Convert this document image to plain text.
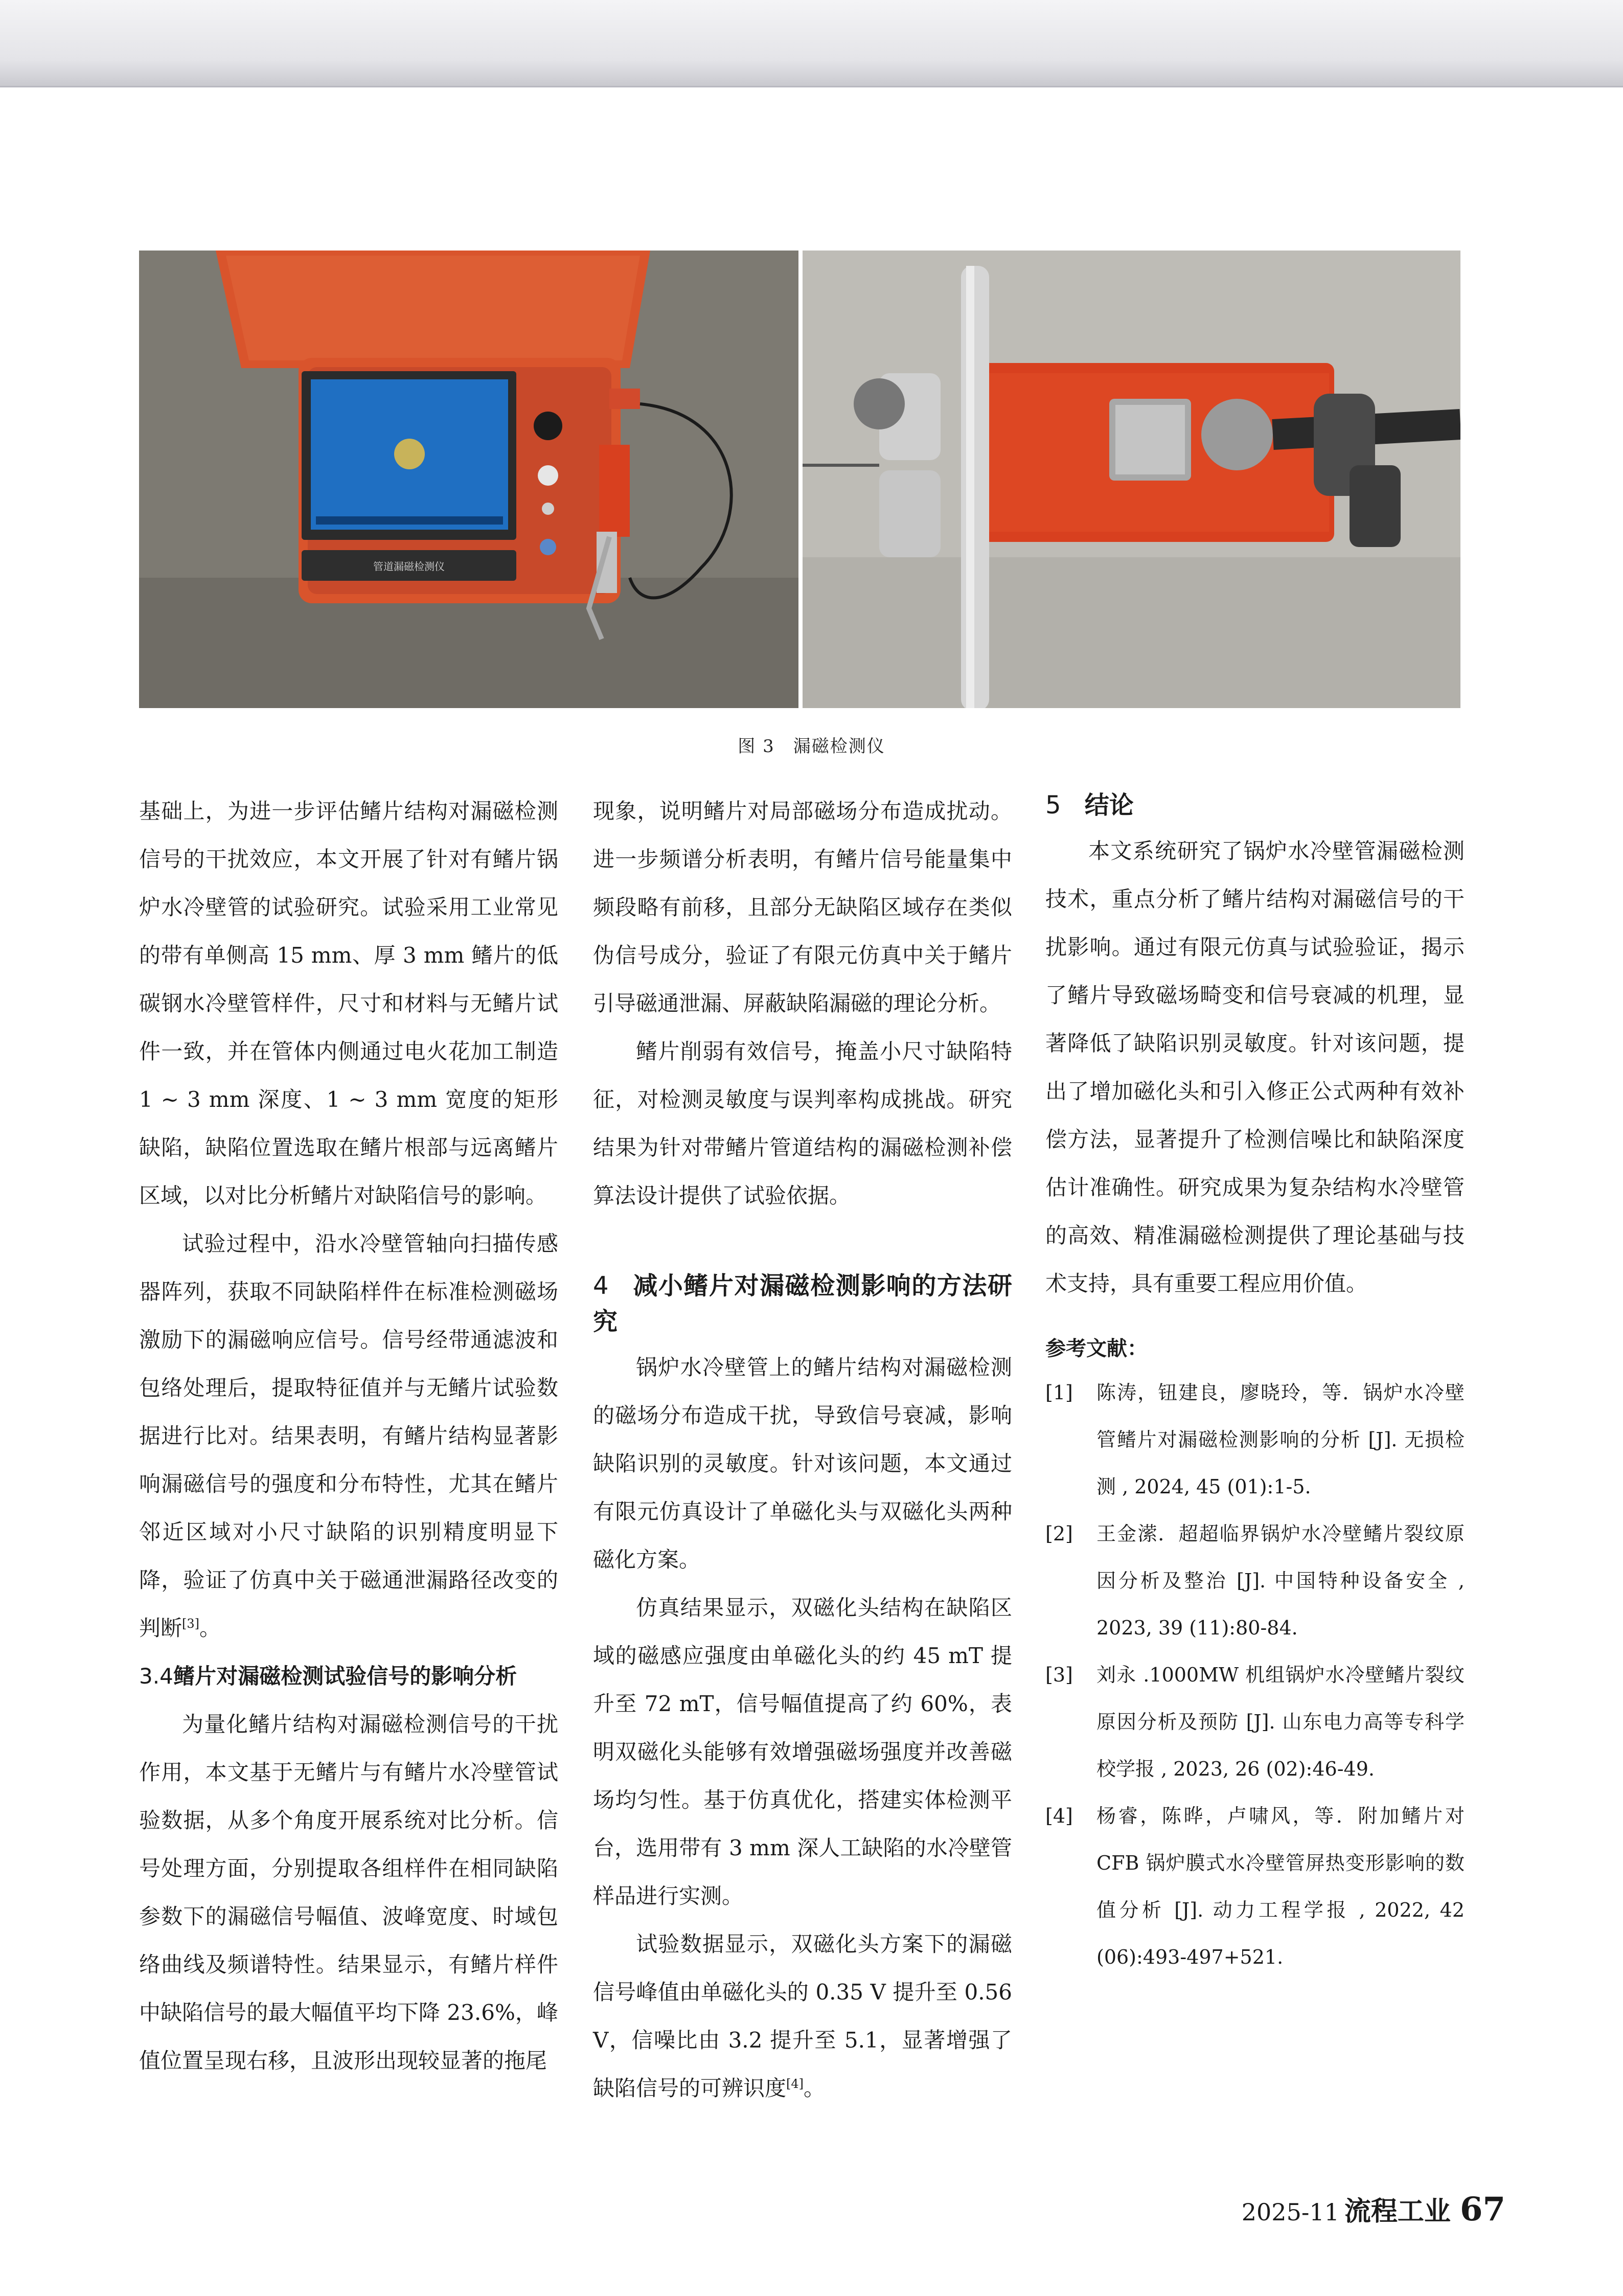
管道漏磁检测仪
图 3　漏磁检测仪

基础上，为进一步评估鳍片结构对漏磁检测信号的干扰效应，本文开展了针对有鳍片锅炉水冷壁管的试验研究。试验采用工业常见的带有单侧高 15 mm、厚 3 mm 鳍片的低碳钢水冷壁管样件，尺寸和材料与无鳍片试件一致，并在管体内侧通过电火花加工制造 1 ~ 3 mm 深度、1 ~ 3 mm 宽度的矩形缺陷，缺陷位置选取在鳍片根部与远离鳍片区域，以对比分析鳍片对缺陷信号的影响。

试验过程中，沿水冷壁管轴向扫描传感器阵列，获取不同缺陷样件在标准检测磁场激励下的漏磁响应信号。信号经带通滤波和包络处理后，提取特征值并与无鳍片试验数据进行比对。结果表明，有鳍片结构显著影响漏磁信号的强度和分布特性，尤其在鳍片邻近区域对小尺寸缺陷的识别精度明显下降，验证了仿真中关于磁通泄漏路径改变的判断[3]。

3.4鳍片对漏磁检测试验信号的影响分析

为量化鳍片结构对漏磁检测信号的干扰作用，本文基于无鳍片与有鳍片水冷壁管试验数据，从多个角度开展系统对比分析。信号处理方面，分别提取各组样件在相同缺陷参数下的漏磁信号幅值、波峰宽度、时域包络曲线及频谱特性。结果显示，有鳍片样件中缺陷信号的最大幅值平均下降 23.6%，峰值位置呈现右移，且波形出现较显著的拖尾

现象，说明鳍片对局部磁场分布造成扰动。进一步频谱分析表明，有鳍片信号能量集中频段略有前移，且部分无缺陷区域存在类似伪信号成分，验证了有限元仿真中关于鳍片引导磁通泄漏、屏蔽缺陷漏磁的理论分析。

鳍片削弱有效信号，掩盖小尺寸缺陷特征，对检测灵敏度与误判率构成挑战。研究结果为针对带鳍片管道结构的漏磁检测补偿算法设计提供了试验依据。

4 减小鳍片对漏磁检测影响的方法研究

锅炉水冷壁管上的鳍片结构对漏磁检测的磁场分布造成干扰，导致信号衰减，影响缺陷识别的灵敏度。针对该问题，本文通过有限元仿真设计了单磁化头与双磁化头两种磁化方案。

仿真结果显示，双磁化头结构在缺陷区域的磁感应强度由单磁化头的约 45 mT 提升至 72 mT，信号幅值提高了约 60%，表明双磁化头能够有效增强磁场强度并改善磁场均匀性。基于仿真优化，搭建实体检测平台，选用带有 3 mm 深人工缺陷的水冷壁管样品进行实测。

试验数据显示，双磁化头方案下的漏磁信号峰值由单磁化头的 0.35 V 提升至 0.56 V，信噪比由 3.2 提升至 5.1，显著增强了缺陷信号的可辨识度[4]。

5 结论

本文系统研究了锅炉水冷壁管漏磁检测技术，重点分析了鳍片结构对漏磁信号的干扰影响。通过有限元仿真与试验验证，揭示了鳍片导致磁场畸变和信号衰减的机理，显著降低了缺陷识别灵敏度。针对该问题，提出了增加磁化头和引入修正公式两种有效补偿方法，显著提升了检测信噪比和缺陷深度估计准确性。研究成果为复杂结构水冷壁管的高效、精准漏磁检测提供了理论基础与技术支持，具有重要工程应用价值。

参考文献：
[1] 陈涛，钮建良，廖晓玲，等．锅炉水冷壁管鳍片对漏磁检测影响的分析 [J]. 无损检测 , 2024, 45 (01):1-5.
[2] 王金潆．超超临界锅炉水冷壁鳍片裂纹原因分析及整治 [J]. 中国特种设备安全 , 2023, 39 (11):80-84.
[3] 刘永 .1000MW 机组锅炉水冷壁鳍片裂纹原因分析及预防 [J]. 山东电力高等专科学校学报 , 2023, 26 (02):46-49.
[4] 杨睿，陈晔，卢啸风，等．附加鳍片对 CFB 锅炉膜式水冷壁管屏热变形影响的数值分析 [J]. 动力工程学报 , 2022, 42 (06):493-497+521.
2025-11 流程工业 67
